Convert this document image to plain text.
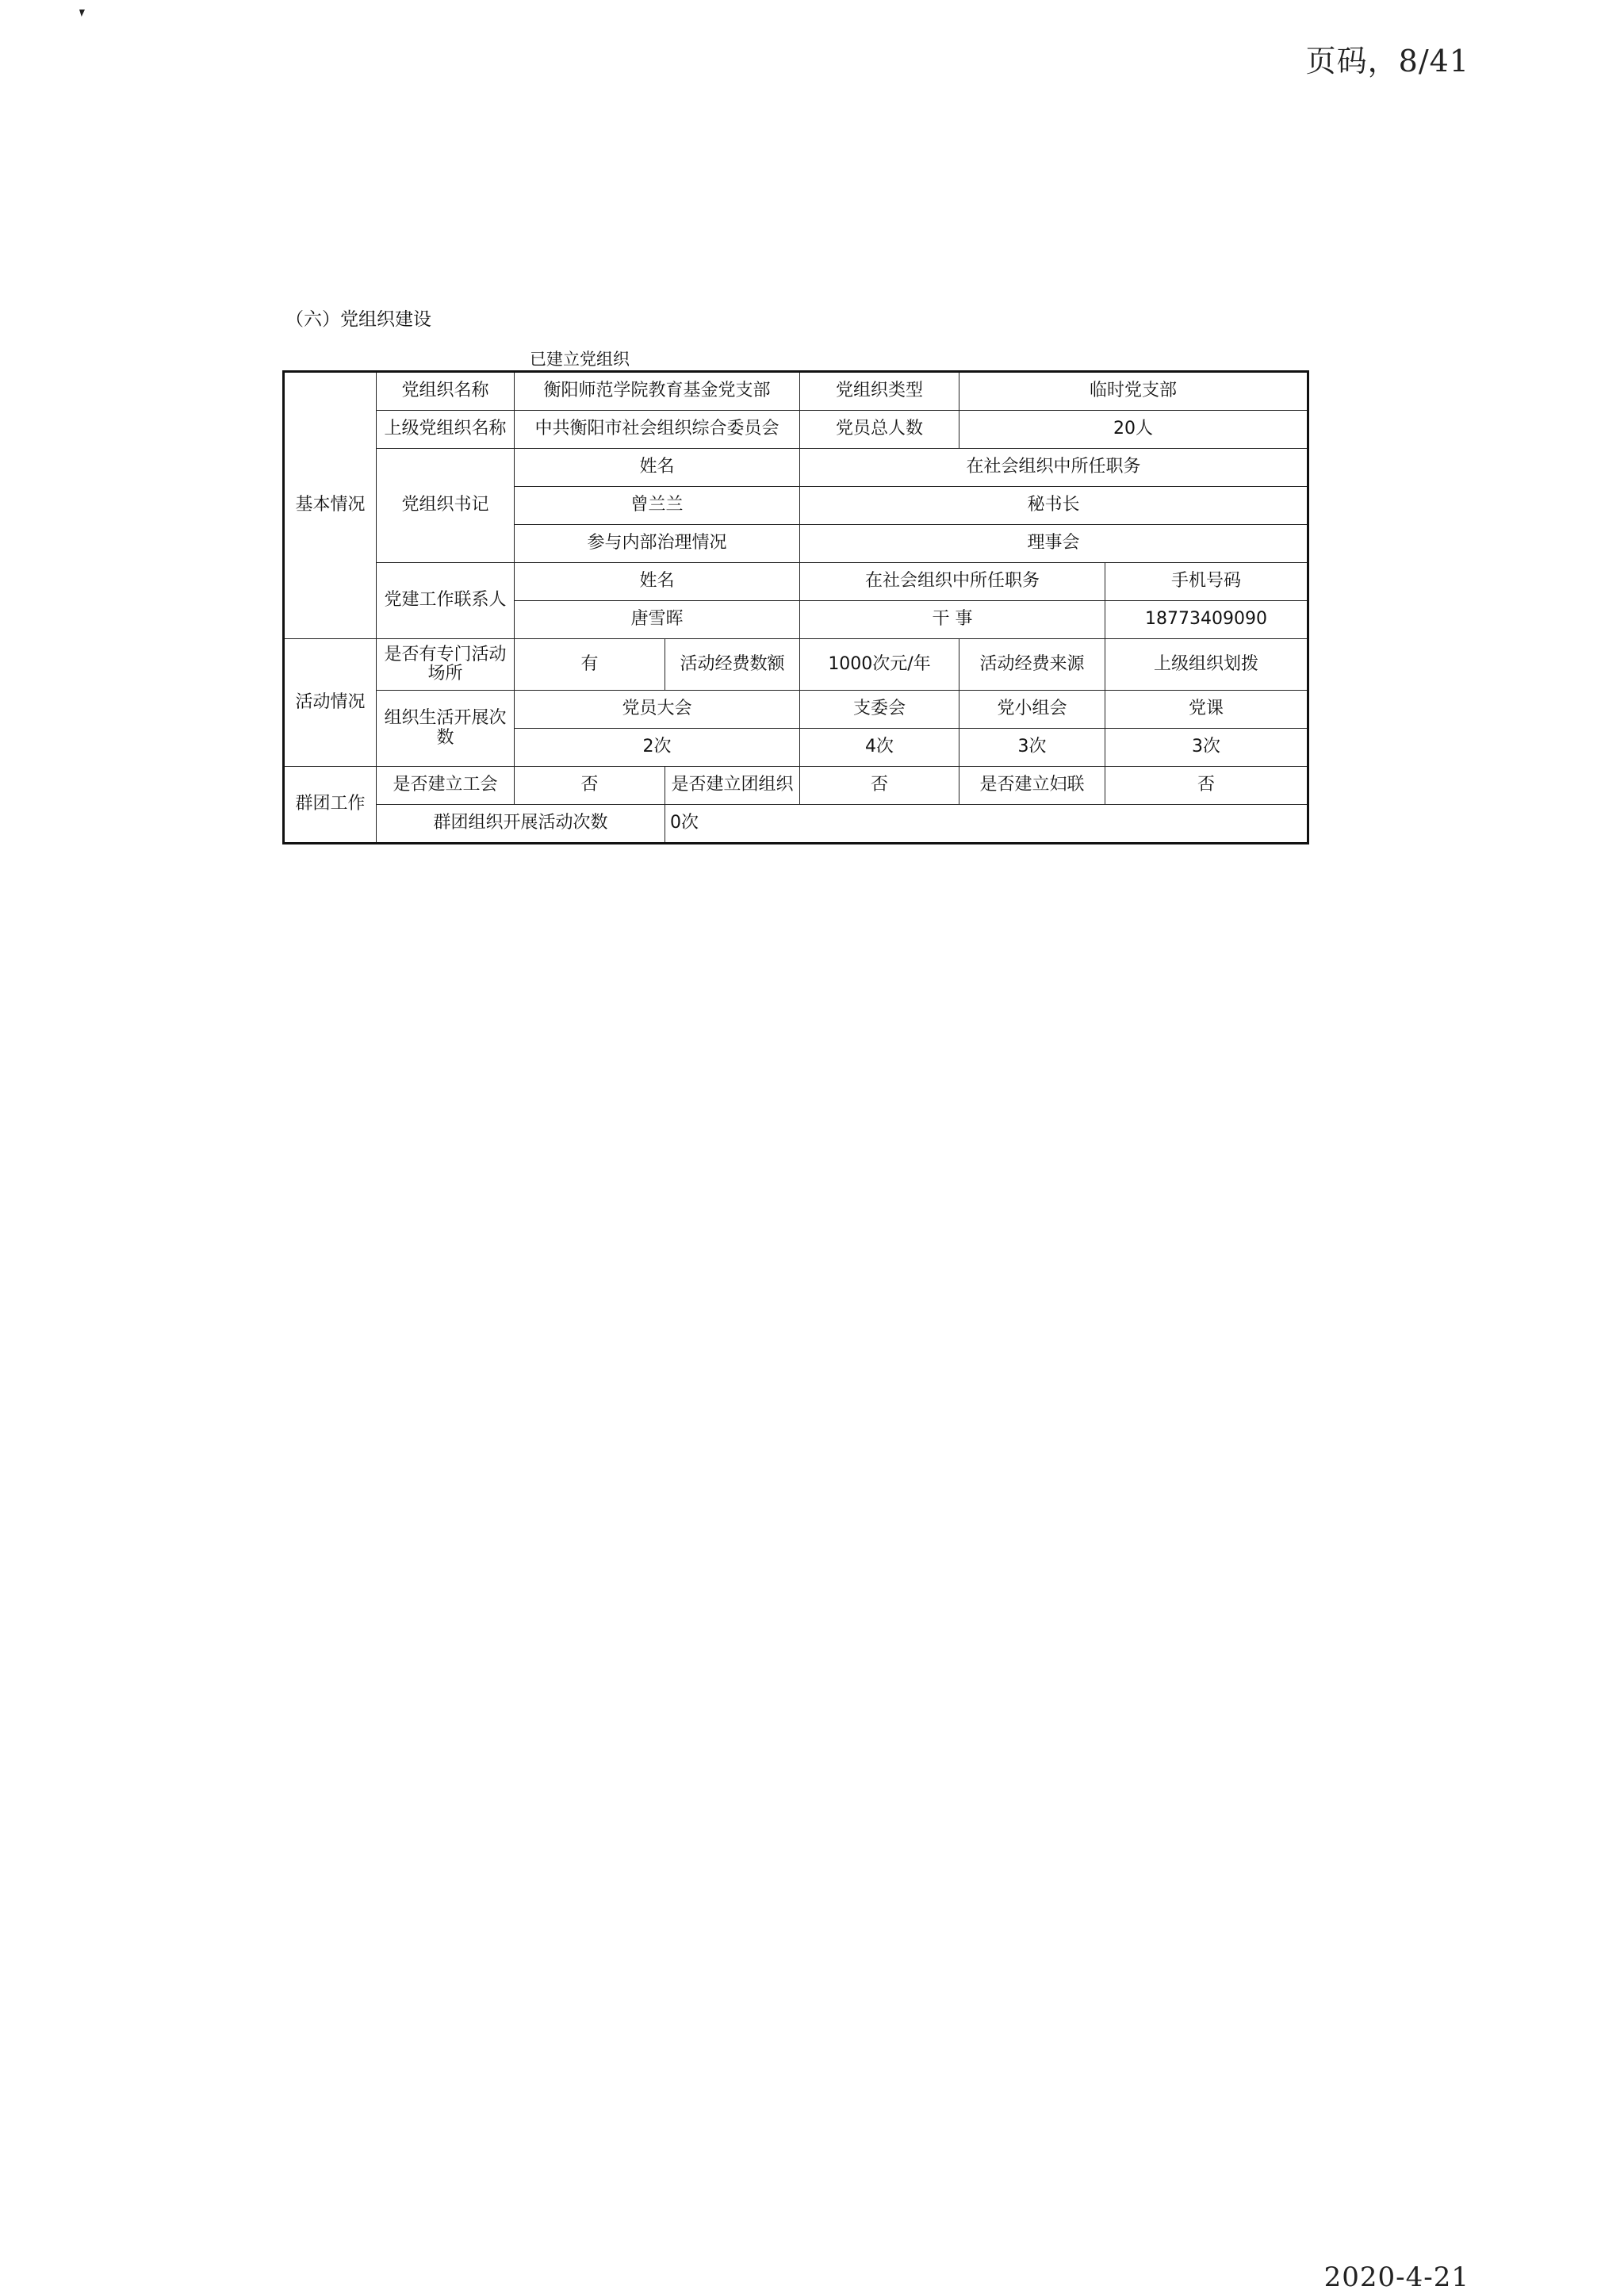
页码，8/41
（六）党组织建设
已建立党组织
基本情况	党组织名称	衡阳师范学院教育基金党支部		党组织类型	临时党支部	
	上级党组织名称	中共衡阳市社会组织综合委员会		党员总人数	20人	
	党组织书记	姓名		在社会组织中所任职务		
		曾兰兰		秘书长		
		参与内部治理情况		理事会		
	党建工作联系人	姓名		在社会组织中所任职务		手机号码
		唐雪晖		干 事		18773409090
活动情况	是否有专门活动场所	有	活动经费数额	1000次元/年	活动经费来源	上级组织划拨
	组织生活开展次数	党员大会		支委会	党小组会	党课
		2次		4次	3次	3次
群团工作	是否建立工会	否	是否建立团组织	否	是否建立妇联	否
	群团组织开展活动次数		0次			
2020-4-21
